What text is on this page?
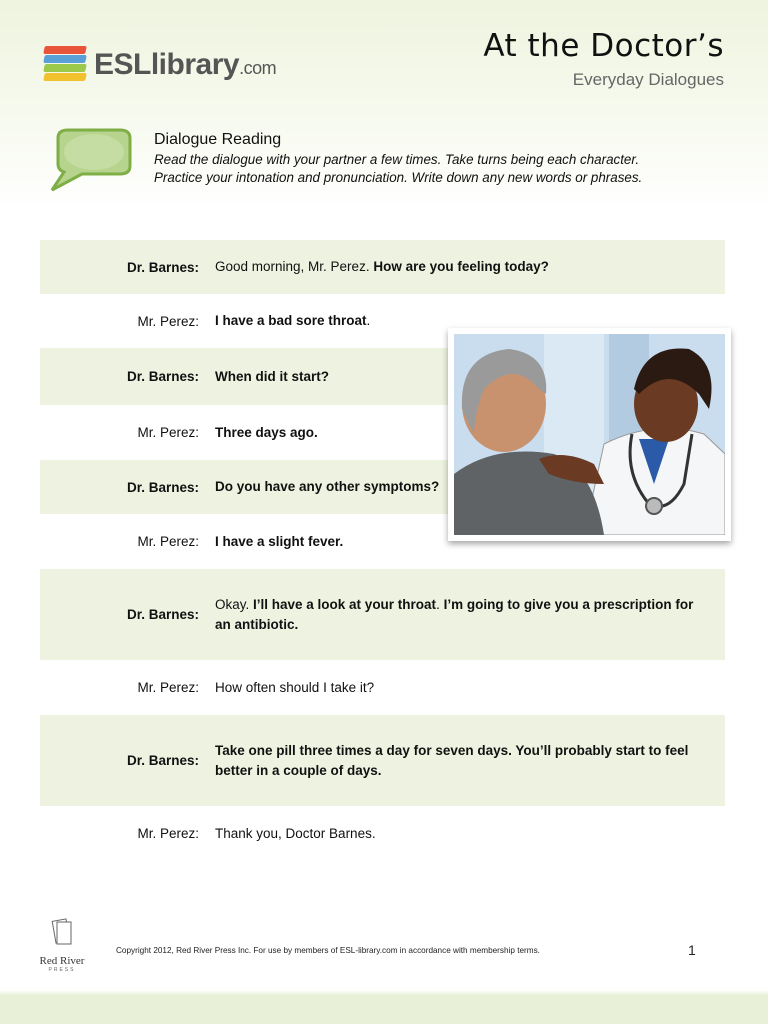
ESLlibrary.com
At the Doctor’s
Everyday Dialogues
Dialogue Reading

Read the dialogue with your partner a few times. Take turns being each character.

Practice your intonation and pronunciation. Write down any new words or phrases.

Dr. Barnes: Good morning, Mr. Perez. How are you feeling today?
Mr. Perez: I have a bad sore throat.
Dr. Barnes: When did it start?
Mr. Perez: Three days ago.
Dr. Barnes: Do you have any other symptoms?
Mr. Perez: I have a slight fever.
Dr. Barnes:
Okay. I’ll have a look at your throat. I’m going to give you a prescription for an antibiotic.
Mr. Perez: How often should I take it?
Dr. Barnes:
Take one pill three times a day for seven days. You’ll probably start to feel better in a couple of days.
Mr. Perez: Thank you, Doctor Barnes.
Red River
PRESS
Copyright 2012, Red River Press Inc. For use by members of ESL-library.com in accordance with membership terms.	1
